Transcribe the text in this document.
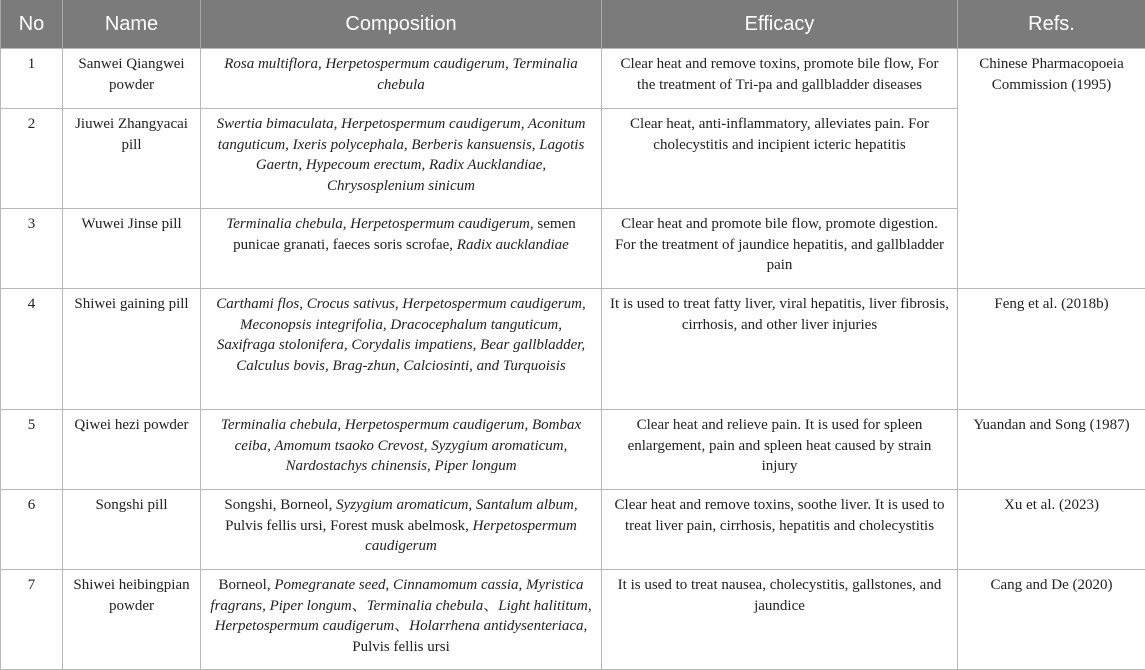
No	Name	Composition	Efficacy	Refs.
1	Sanwei Qiangwei powder	Rosa multiflora, Herpetospermum caudigerum, Terminalia chebula	Clear heat and remove toxins, promote bile flow, For the treatment of Tri-pa and gallbladder diseases	Chinese Pharmacopoeia Commission (1995)
2	Jiuwei Zhangyacai pill	Swertia bimaculata, Herpetospermum caudigerum, Aconitum tanguticum, Ixeris polycephala, Berberis kansuensis, Lagotis Gaertn, Hypecoum erectum, Radix Aucklandiae, Chrysosplenium sinicum	Clear heat, anti-inflammatory, alleviates pain. For cholecystitis and incipient icteric hepatitis	
3	Wuwei Jinse pill	Terminalia chebula, Herpetospermum caudigerum, semen punicae granati, faeces soris scrofae, Radix aucklandiae	Clear heat and promote bile flow, promote digestion. For the treatment of jaundice hepatitis, and gallbladder pain	
4	Shiwei gaining pill	Carthami flos, Crocus sativus, Herpetospermum caudigerum, Meconopsis integrifolia, Dracocephalum tanguticum, Saxifraga stolonifera, Corydalis impatiens, Bear gallbladder, Calculus bovis, Brag-zhun, Calciosinti, and Turquoisis	It is used to treat fatty liver, viral hepatitis, liver fibrosis, cirrhosis, and other liver injuries	Feng et al. (2018b)
5	Qiwei hezi powder	Terminalia chebula, Herpetospermum caudigerum, Bombax ceiba, Amomum tsaoko Crevost, Syzygium aromaticum, Nardostachys chinensis, Piper longum	Clear heat and relieve pain. It is used for spleen enlargement, pain and spleen heat caused by strain injury	Yuandan and Song (1987)
6	Songshi pill	Songshi, Borneol, Syzygium aromaticum, Santalum album, Pulvis fellis ursi, Forest musk abelmosk, Herpetospermum caudigerum	Clear heat and remove toxins, soothe liver. It is used to treat liver pain, cirrhosis, hepatitis and cholecystitis	Xu et al. (2023)
7	Shiwei heibingpian powder	Borneol, Pomegranate seed, Cinnamomum cassia, Myristica fragrans, Piper longum、Terminalia chebula、Light halititum, Herpetospermum caudigerum、Holarrhena antidysenteriaca, Pulvis fellis ursi	It is used to treat nausea, cholecystitis, gallstones, and jaundice	Cang and De (2020)
